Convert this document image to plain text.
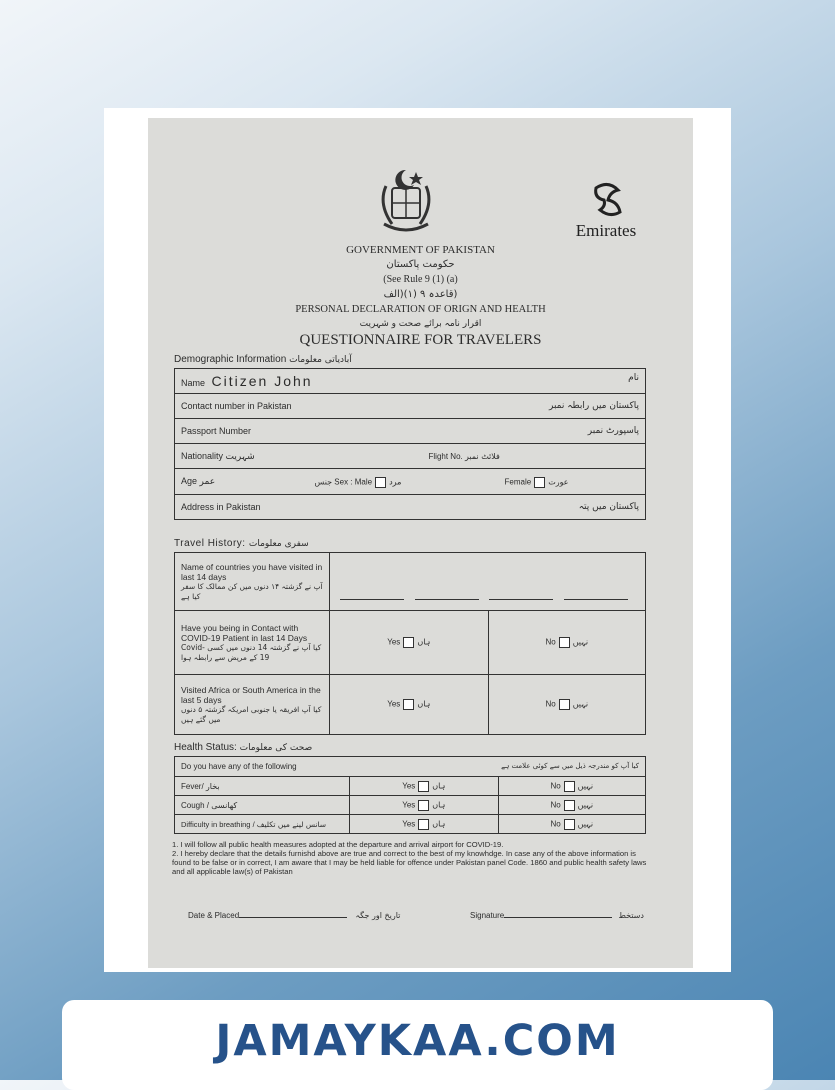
Emirates
GOVERNMENT OF PAKISTAN
حکومت پاکستان
(See Rule 9 (1) (a)
(قاعدہ ۹ (۱)(الف
PERSONAL DECLARATION OF ORIGN AND HEALTH
اقرار نامہ برائے صحت و شہریت
QUESTIONNAIRE FOR TRAVELERS
Demographic Information آبادیاتی معلومات
Name Citizen John	نام

Contact number in Pakistan	پاکستان میں رابطہ نمبر

Passport Number	پاسپورٹ نمبر

Nationality شہریت	Flight No. فلائٹ نمبر

Age عمر	جنس Sex : Male مرد	Female عورت

Address in Pakistan	پاکستان میں پتہ
Travel History: سفری معلومات
Name of countries you have visited in last 14 days
آپ نے گزشتہ ۱۴ دنوں میں کن ممالک کا سفر کیا ہے		

Have you being in Contact with COVID-19 Patient in last 14 Days
کیا آپ نے گزشتہ 14 دنوں میں کسی Covid-19 کے مریض سے رابطہ ہوا	Yes ہاں	No نہیں

Visited Africa or South America in the last 5 days
کیا آپ افریقہ یا جنوبی امریکہ گزشتہ ۵ دنوں میں گئے ہیں	Yes ہاں	No نہیں
Health Status: صحت کی معلومات
Do you have any of the following کیا آپ کو مندرجہ ذیل میں سے کوئی علامت ہے		

Fever/ بخار	Yes ہاں	No نہیں
Cough / کھانسی	Yes ہاں	No نہیں
Difficulty in breathing / سانس لینے میں تکلیف	Yes ہاں	No نہیں
1. I will follow all public health measures adopted at the departure and arrival airport for COVID-19.
2. I hereby declare that the details furnishd above are true and correct to the best of my knowhdge. In case any of the above information is found to be false or in correct, I am aware that I may be held liable for offence under Pakistan panel Code. 1860 and public health safety laws and all applicable law(s) of Pakistan
Date & Placed	تاریخ اور جگہ	Signature	دستخط
JAMAYKAA.COM
